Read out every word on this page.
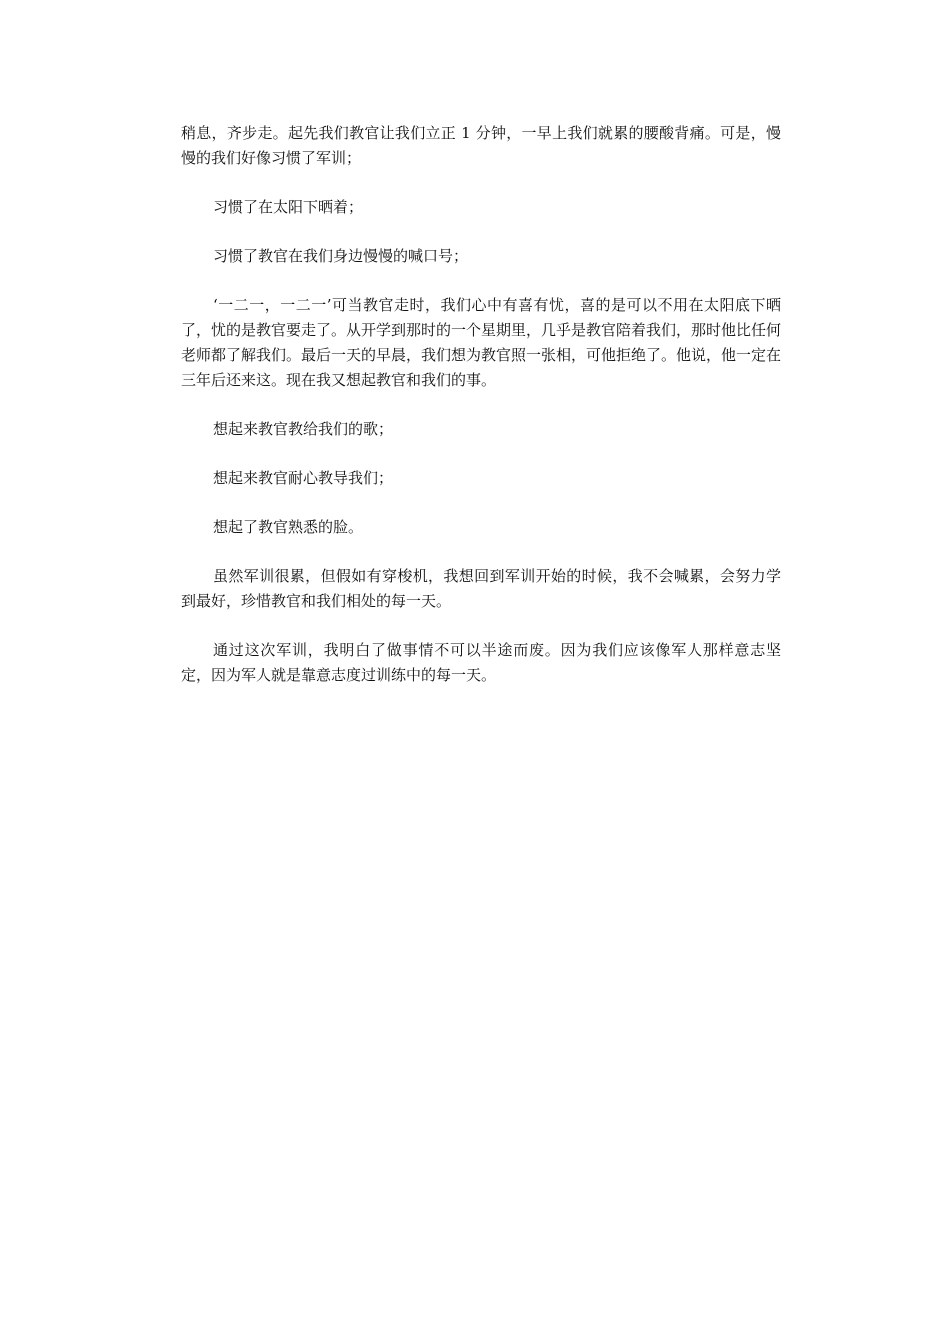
稍息，齐步走。起先我们教官让我们立正 1 分钟，一早上我们就累的腰酸背痛。可是，慢慢的我们好像习惯了军训；

习惯了在太阳下晒着；

习惯了教官在我们身边慢慢的喊口号；

‘一二一，一二一’可当教官走时，我们心中有喜有忧，喜的是可以不用在太阳底下晒了，忧的是教官要走了。从开学到那时的一个星期里，几乎是教官陪着我们，那时他比任何老师都了解我们。最后一天的早晨，我们想为教官照一张相，可他拒绝了。他说，他一定在三年后还来这。现在我又想起教官和我们的事。

想起来教官教给我们的歌；

想起来教官耐心教导我们；

想起了教官熟悉的脸。

虽然军训很累，但假如有穿梭机，我想回到军训开始的时候，我不会喊累，会努力学到最好，珍惜教官和我们相处的每一天。

通过这次军训，我明白了做事情不可以半途而废。因为我们应该像军人那样意志坚定，因为军人就是靠意志度过训练中的每一天。
